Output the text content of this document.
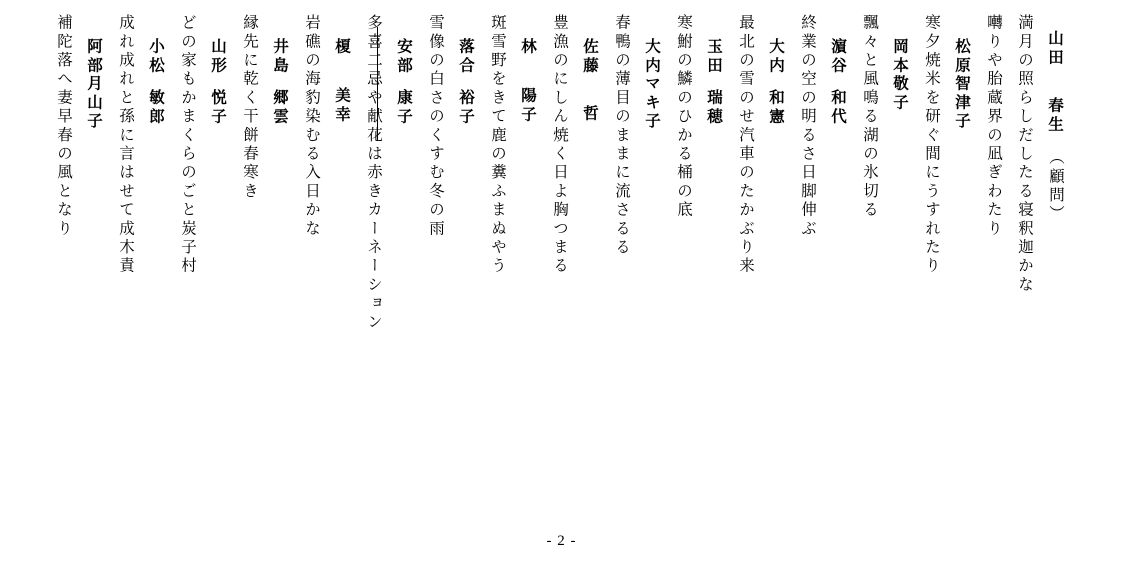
山田
春生
（顧問）
満月の照らしだしたる寝釈迦かな
囀りや胎蔵界の凪ぎわたり
松原
智津子
寒夕焼米を研ぐ間にうすれたり
岡本
敬子
飄々と風鳴る湖の氷切る
濵谷
和代
終業の空の明るさ日脚伸ぶ
大内
和憲
最北の雪のせ汽車のたかぶり来
玉田
瑞穂
寒鮒の鱗のひかる桶の底
大内
マキ子
春鴨の薄目のままに流さるる
佐藤
哲
豊漁のにしん焼く日よ胸つまる
林
陽子
斑雪野をきて鹿の糞ふまぬやう
落合
裕子
雪像の白さのくすむ冬の雨
安部
康子
多喜二忌や献花は赤きカーネーション
榎
美幸
岩礁の海豹染むる入日かな
井島
郷雲
縁先に乾く干餅春寒き
山形
悦子
どの家もかまくらのごと炭子村
小松
敏郎
成れ成れと孫に言はせて成木責
阿部
月山子
補陀落へ妻早春の風となり
- 2 -
